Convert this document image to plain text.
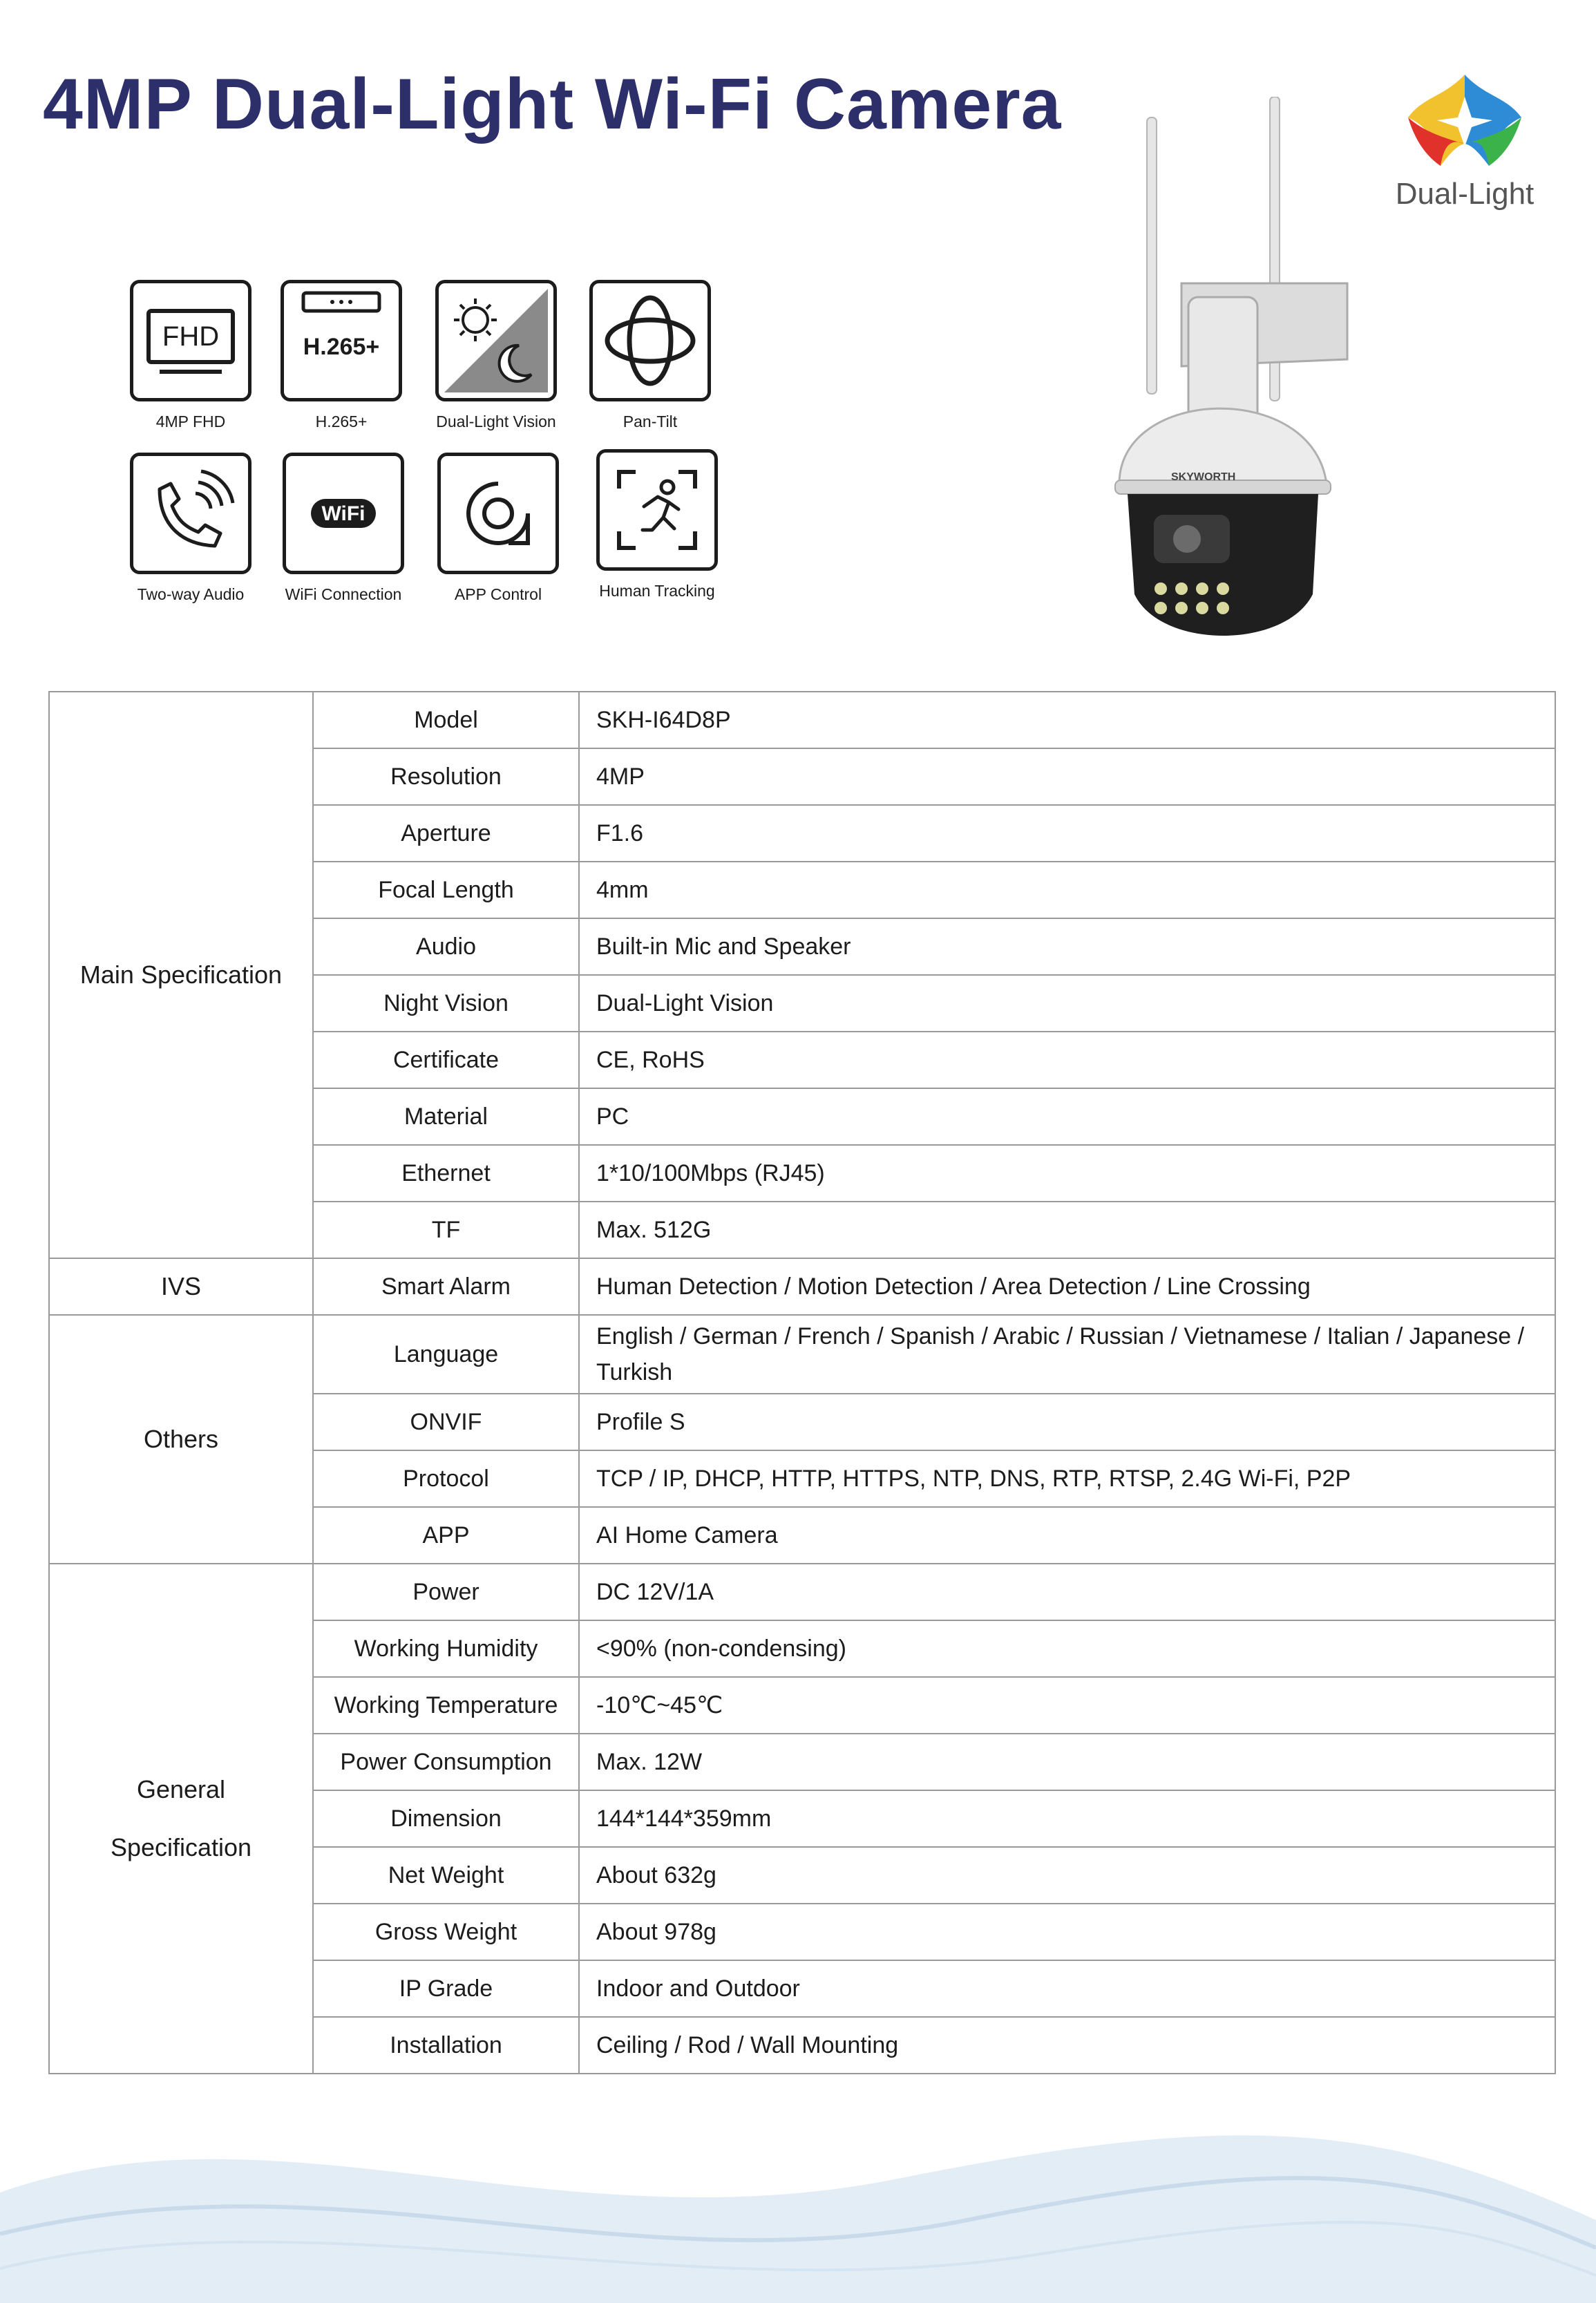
4MP Dual-Light Wi-Fi Camera
Dual-Light
FHD
4MP FHD
H.265+
H.265+	Dual-Light Vision	Pan-Tilt
Two-way Audio
WiFi
WiFi Connection	APP Control	Human Tracking
SKYWORTH
Main Specification	Model	SKH-I64D8P
	Resolution	4MP
	Aperture	F1.6
	Focal Length	4mm
	Audio	Built-in Mic and Speaker
	Night Vision	Dual-Light Vision
	Certificate	CE, RoHS
	Material	PC
	Ethernet	1*10/100Mbps (RJ45)
	TF	Max. 512G
IVS	Smart Alarm	Human Detection / Motion Detection / Area Detection / Line Crossing
Others	Language	English / German / French / Spanish / Arabic / Russian / Vietnamese / Italian / Japanese / Turkish
	ONVIF	Profile S
	Protocol	TCP / IP, DHCP, HTTP, HTTPS, NTP, DNS, RTP, RTSP, 2.4G Wi-Fi, P2P
	APP	AI Home Camera
General

Specification	Power	DC 12V/1A
	Working Humidity	<90% (non-condensing)
	Working Temperature	-10℃~45℃
	Power Consumption	Max. 12W
	Dimension	144*144*359mm
	Net Weight	About 632g
	Gross Weight	About 978g
	IP Grade	Indoor and Outdoor
	Installation	Ceiling / Rod / Wall Mounting
